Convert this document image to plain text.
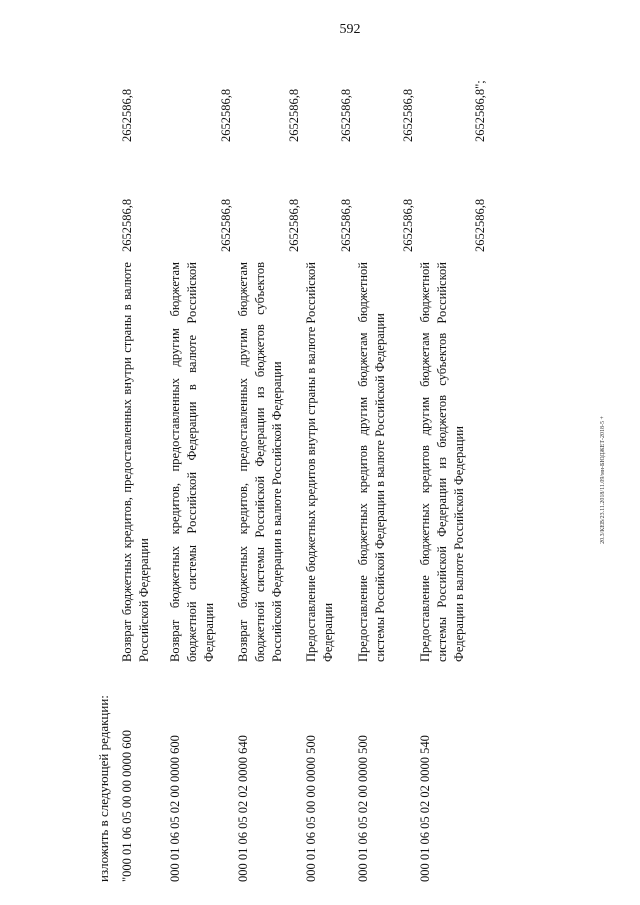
592
20.3/КЕВ/23.11.2018/11.09/мн-БЮДЖЕТ-2018-5 +
изложить в следующей редакции: "000 01 06 05 00 00 0000 600	Возврат бюджетных кредитов, предоставленных внутри страны в валюте Российской Федерации	2652586,8	2652586,8
000 01 06 05 02 00 0000 600	Возврат бюджетных кредитов, предоставленных другим бюджетам бюджетной системы Российской Федерации в валюте Российской Федерации	2652586,8	2652586,8
000 01 06 05 02 02 0000 640	Возврат бюджетных кредитов, предоставленных другим бюджетам бюджетной системы Российской Федерации из бюджетов субъектов Российской Федерации в валюте Российской Федерации	2652586,8	2652586,8
000 01 06 05 00 00 0000 500	Предоставление бюджетных кредитов внутри страны в валюте Российской Федерации	2652586,8	2652586,8
000 01 06 05 02 00 0000 500	Предоставление бюджетных кредитов другим бюджетам бюджетной системы Российской Федерации в валюте Российской Федерации	2652586,8	2652586,8
000 01 06 05 02 02 0000 540	Предоставление бюджетных кредитов другим бюджетам бюджетной системы Российской Федерации из бюджетов субъектов Российской Федерации в валюте Российской Федерации	2652586,8	2652586,8";
